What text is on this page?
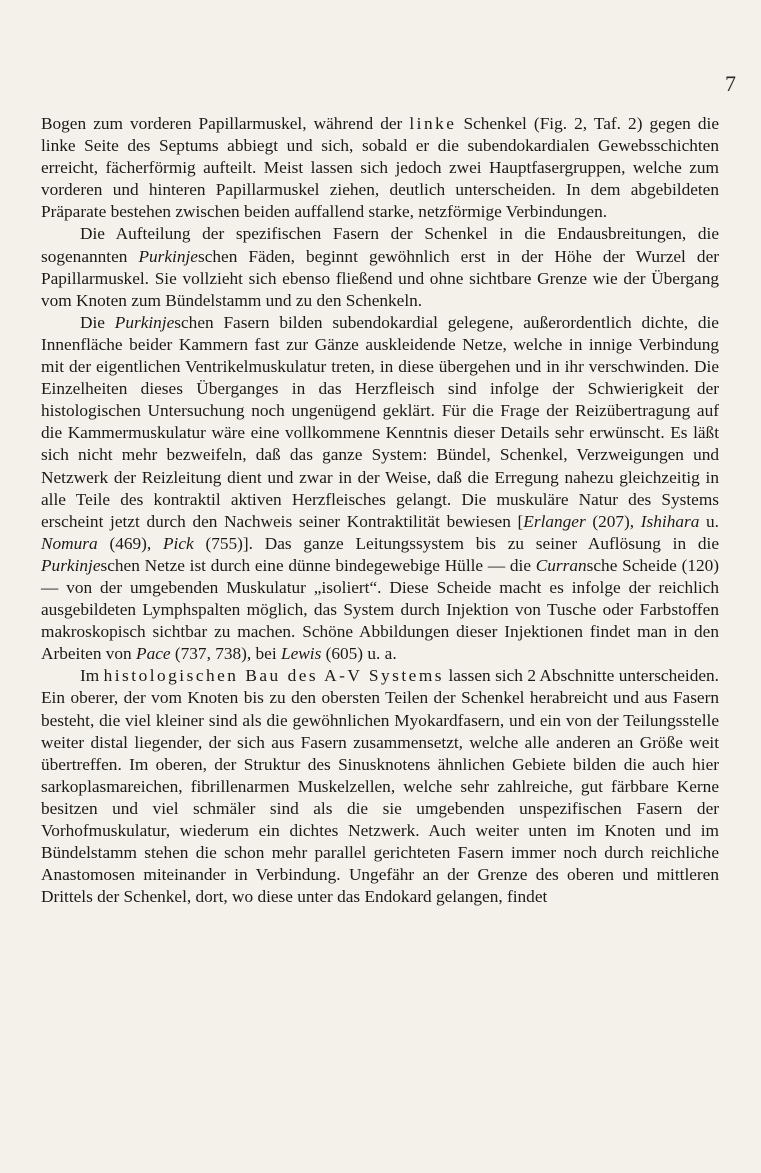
7

Bogen zum vorderen Papillarmuskel, während der linke Schenkel (Fig. 2, Taf. 2) gegen die linke Seite des Septums abbiegt und sich, sobald er die subendokardialen Gewebsschichten erreicht, fächerförmig aufteilt. Meist lassen sich jedoch zwei Hauptfasergruppen, welche zum vorderen und hinteren Papillarmuskel ziehen, deutlich unterscheiden. In dem abgebildeten Präparate bestehen zwischen beiden auffallend starke, netzförmige Verbindungen.

Die Aufteilung der spezifischen Fasern der Schenkel in die Endausbreitungen, die sogenannten Purkinjeschen Fäden, beginnt gewöhnlich erst in der Höhe der Wurzel der Papillarmuskel. Sie vollzieht sich ebenso fließend und ohne sichtbare Grenze wie der Übergang vom Knoten zum Bündelstamm und zu den Schenkeln.

Die Purkinjeschen Fasern bilden subendokardial gelegene, außerordentlich dichte, die Innenfläche beider Kammern fast zur Gänze auskleidende Netze, welche in innige Verbindung mit der eigentlichen Ventrikelmuskulatur treten, in diese übergehen und in ihr verschwinden. Die Einzelheiten dieses Überganges in das Herzfleisch sind infolge der Schwierigkeit der histologischen Untersuchung noch ungenügend geklärt. Für die Frage der Reizübertragung auf die Kammermuskulatur wäre eine vollkommene Kenntnis dieser Details sehr erwünscht. Es läßt sich nicht mehr bezweifeln, daß das ganze System: Bündel, Schenkel, Verzweigungen und Netzwerk der Reizleitung dient und zwar in der Weise, daß die Erregung nahezu gleichzeitig in alle Teile des kontraktil aktiven Herzfleisches gelangt. Die muskuläre Natur des Systems erscheint jetzt durch den Nachweis seiner Kontraktilität bewiesen [Erlanger (207), Ishihara u. Nomura (469), Pick (755)]. Das ganze Leitungssystem bis zu seiner Auflösung in die Purkinjeschen Netze ist durch eine dünne bindegewebige Hülle — die Curransche Scheide (120) — von der umgebenden Muskulatur „isoliert“. Diese Scheide macht es infolge der reichlich ausgebildeten Lymphspalten möglich, das System durch Injektion von Tusche oder Farbstoffen makroskopisch sichtbar zu machen. Schöne Abbildungen dieser Injektionen findet man in den Arbeiten von Pace (737, 738), bei Lewis (605) u. a.

Im histologischen Bau des A-V Systems lassen sich 2 Abschnitte unterscheiden. Ein oberer, der vom Knoten bis zu den obersten Teilen der Schenkel herabreicht und aus Fasern besteht, die viel kleiner sind als die gewöhnlichen Myokardfasern, und ein von der Teilungsstelle weiter distal liegender, der sich aus Fasern zusammensetzt, welche alle anderen an Größe weit übertreffen. Im oberen, der Struktur des Sinusknotens ähnlichen Gebiete bilden die auch hier sarkoplasmareichen, fibrillenarmen Muskelzellen, welche sehr zahlreiche, gut färbbare Kerne besitzen und viel schmäler sind als die sie umgebenden unspezifischen Fasern der Vorhofmuskulatur, wiederum ein dichtes Netzwerk. Auch weiter unten im Knoten und im Bündelstamm stehen die schon mehr parallel gerichteten Fasern immer noch durch reichliche Anastomosen miteinander in Verbindung. Ungefähr an der Grenze des oberen und mittleren Drittels der Schenkel, dort, wo diese unter das Endokard gelangen, findet
